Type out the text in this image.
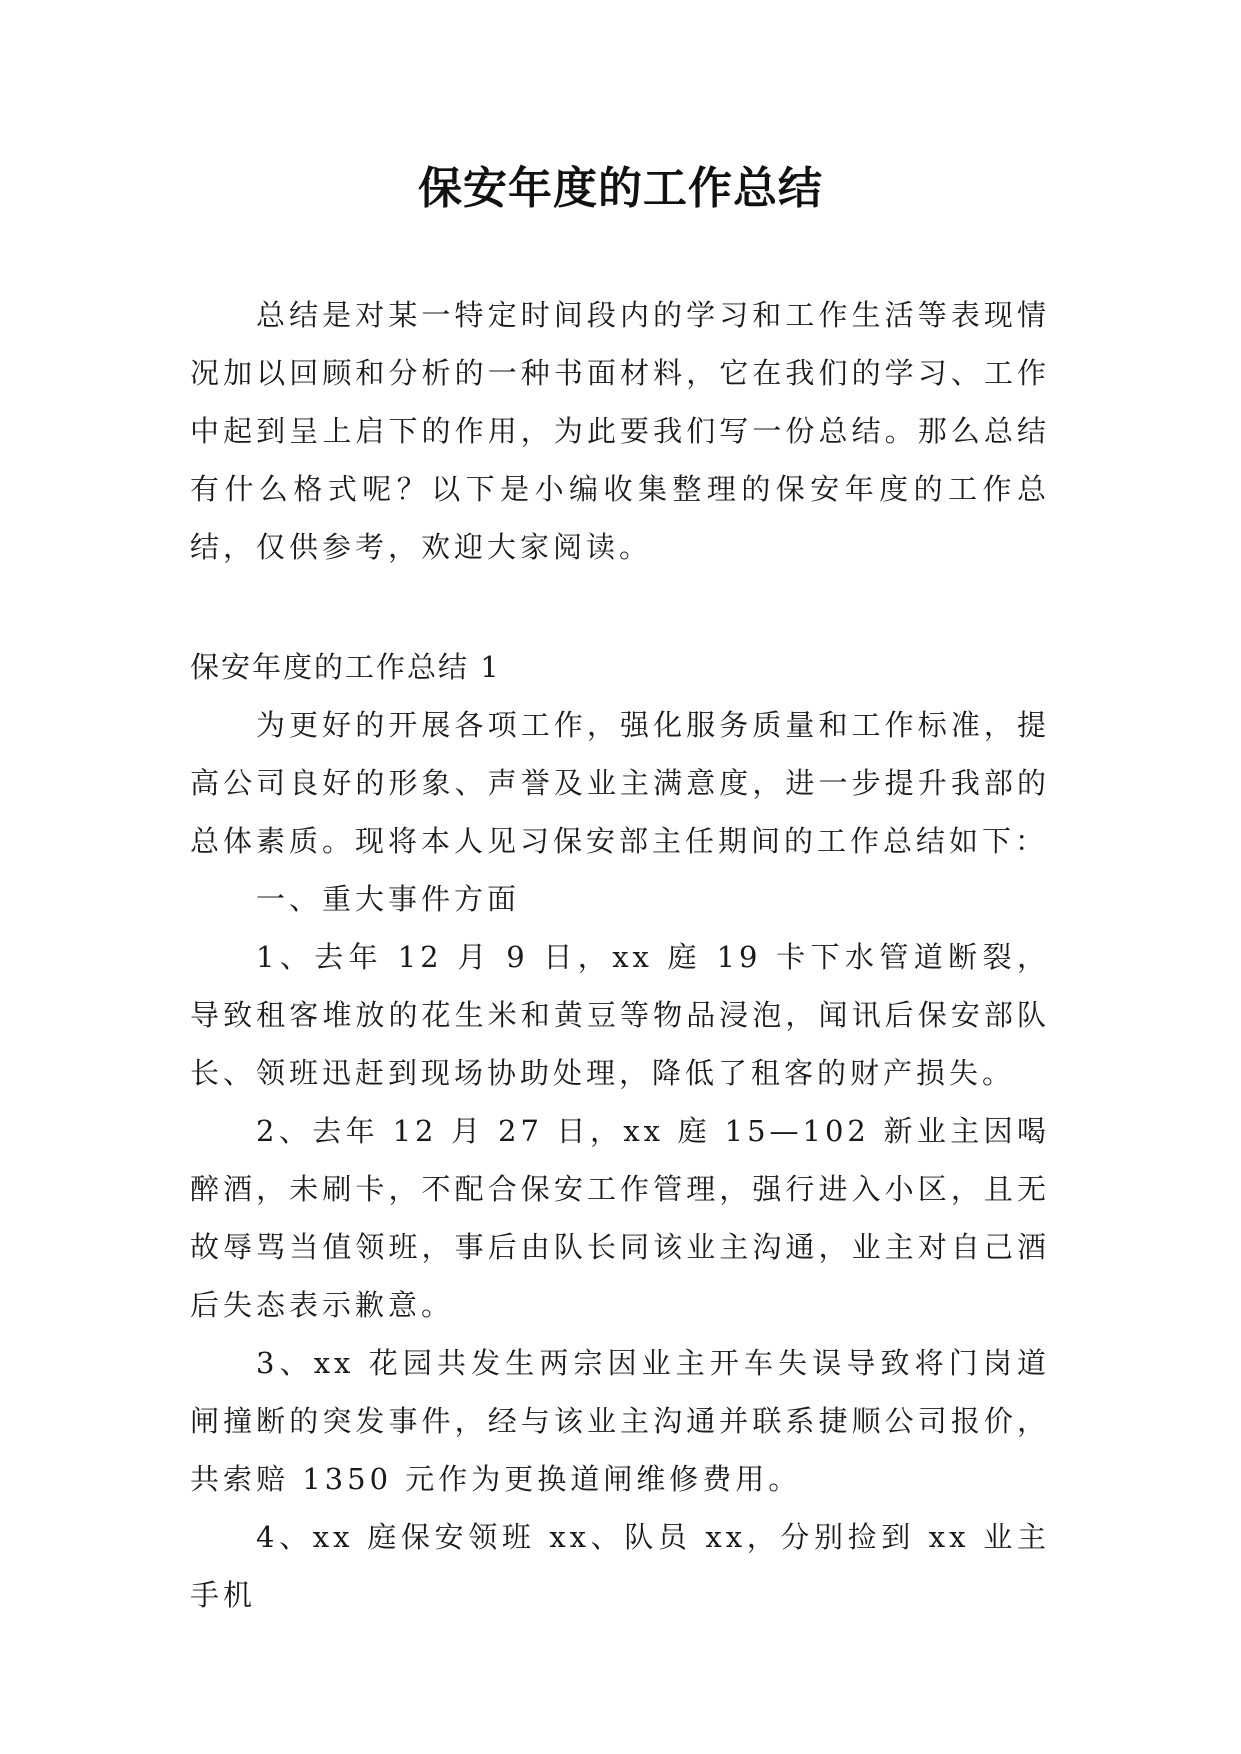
保安年度的工作总结

总结是对某一特定时间段内的学习和工作生活等表现情况加以回顾和分析的一种书面材料，它在我们的学习、工作中起到呈上启下的作用，为此要我们写一份总结。那么总结有什么格式呢？以下是小编收集整理的保安年度的工作总结，仅供参考，欢迎大家阅读。

保安年度的工作总结 1

为更好的开展各项工作，强化服务质量和工作标准，提高公司良好的形象、声誉及业主满意度，进一步提升我部的总体素质。现将本人见习保安部主任期间的工作总结如下：

一、重大事件方面

1、去年 12 月 9 日，xx 庭 19 卡下水管道断裂，导致租客堆放的花生米和黄豆等物品浸泡，闻讯后保安部队长、领班迅赶到现场协助处理，降低了租客的财产损失。

2、去年 12 月 27 日，xx 庭 15—102 新业主因喝醉酒，未刷卡，不配合保安工作管理，强行进入小区，且无故辱骂当值领班，事后由队长同该业主沟通，业主对自己酒后失态表示歉意。

3、xx 花园共发生两宗因业主开车失误导致将门岗道闸撞断的突发事件，经与该业主沟通并联系捷顺公司报价，共索赔 1350 元作为更换道闸维修费用。

4、xx 庭保安领班 xx、队员 xx，分别捡到 xx 业主手机
